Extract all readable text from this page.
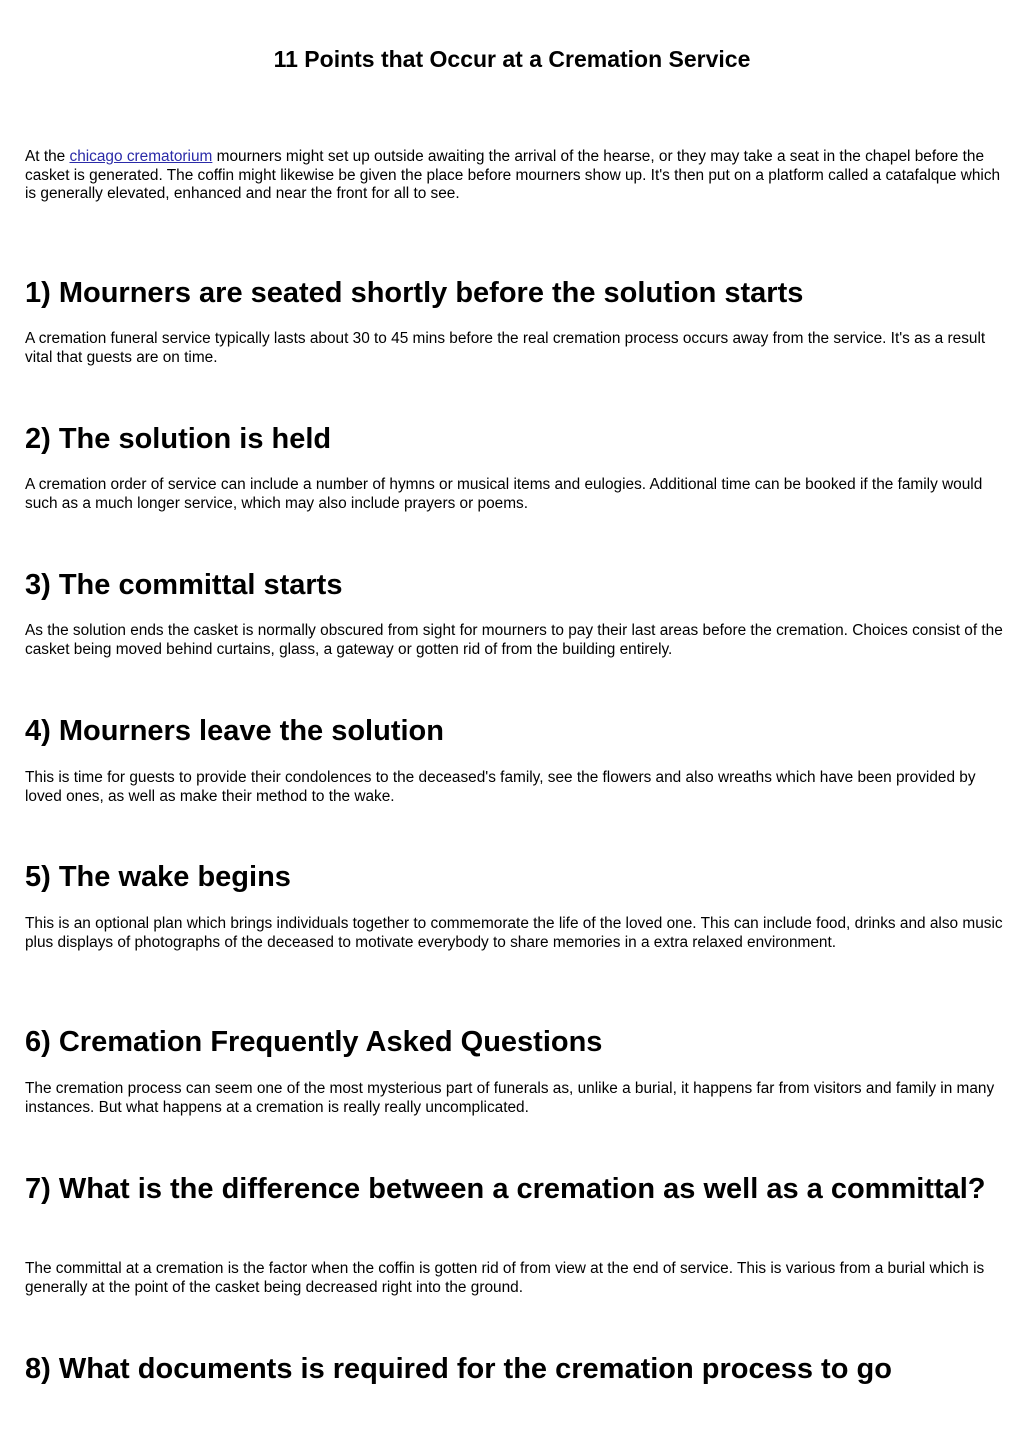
11 Points that Occur at a Cremation Service

At the chicago crematorium mourners might set up outside awaiting the arrival of the hearse, or they may take a seat in the chapel before the casket is generated. The coffin might likewise be given the place before mourners show up. It's then put on a platform called a catafalque which is generally elevated, enhanced and near the front for all to see.

1) Mourners are seated shortly before the solution starts

A cremation funeral service typically lasts about 30 to 45 mins before the real cremation process occurs away from the service. It's as a result vital that guests are on time.

2) The solution is held

A cremation order of service can include a number of hymns or musical items and eulogies. Additional time can be booked if the family would such as a much longer service, which may also include prayers or poems.

3) The committal starts

As the solution ends the casket is normally obscured from sight for mourners to pay their last areas before the cremation. Choices consist of the casket being moved behind curtains, glass, a gateway or gotten rid of from the building entirely.

4) Mourners leave the solution

This is time for guests to provide their condolences to the deceased's family, see the flowers and also wreaths which have been provided by loved ones, as well as make their method to the wake.

5) The wake begins

This is an optional plan which brings individuals together to commemorate the life of the loved one. This can include food, drinks and also music plus displays of photographs of the deceased to motivate everybody to share memories in a extra relaxed environment.

6) Cremation Frequently Asked Questions

The cremation process can seem one of the most mysterious part of funerals as, unlike a burial, it happens far from visitors and family in many instances. But what happens at a cremation is really really uncomplicated.

7) What is the difference between a cremation as well as a committal?

The committal at a cremation is the factor when the coffin is gotten rid of from view at the end of service. This is various from a burial which is generally at the point of the casket being decreased right into the ground.

8) What documents is required for the cremation process to go
